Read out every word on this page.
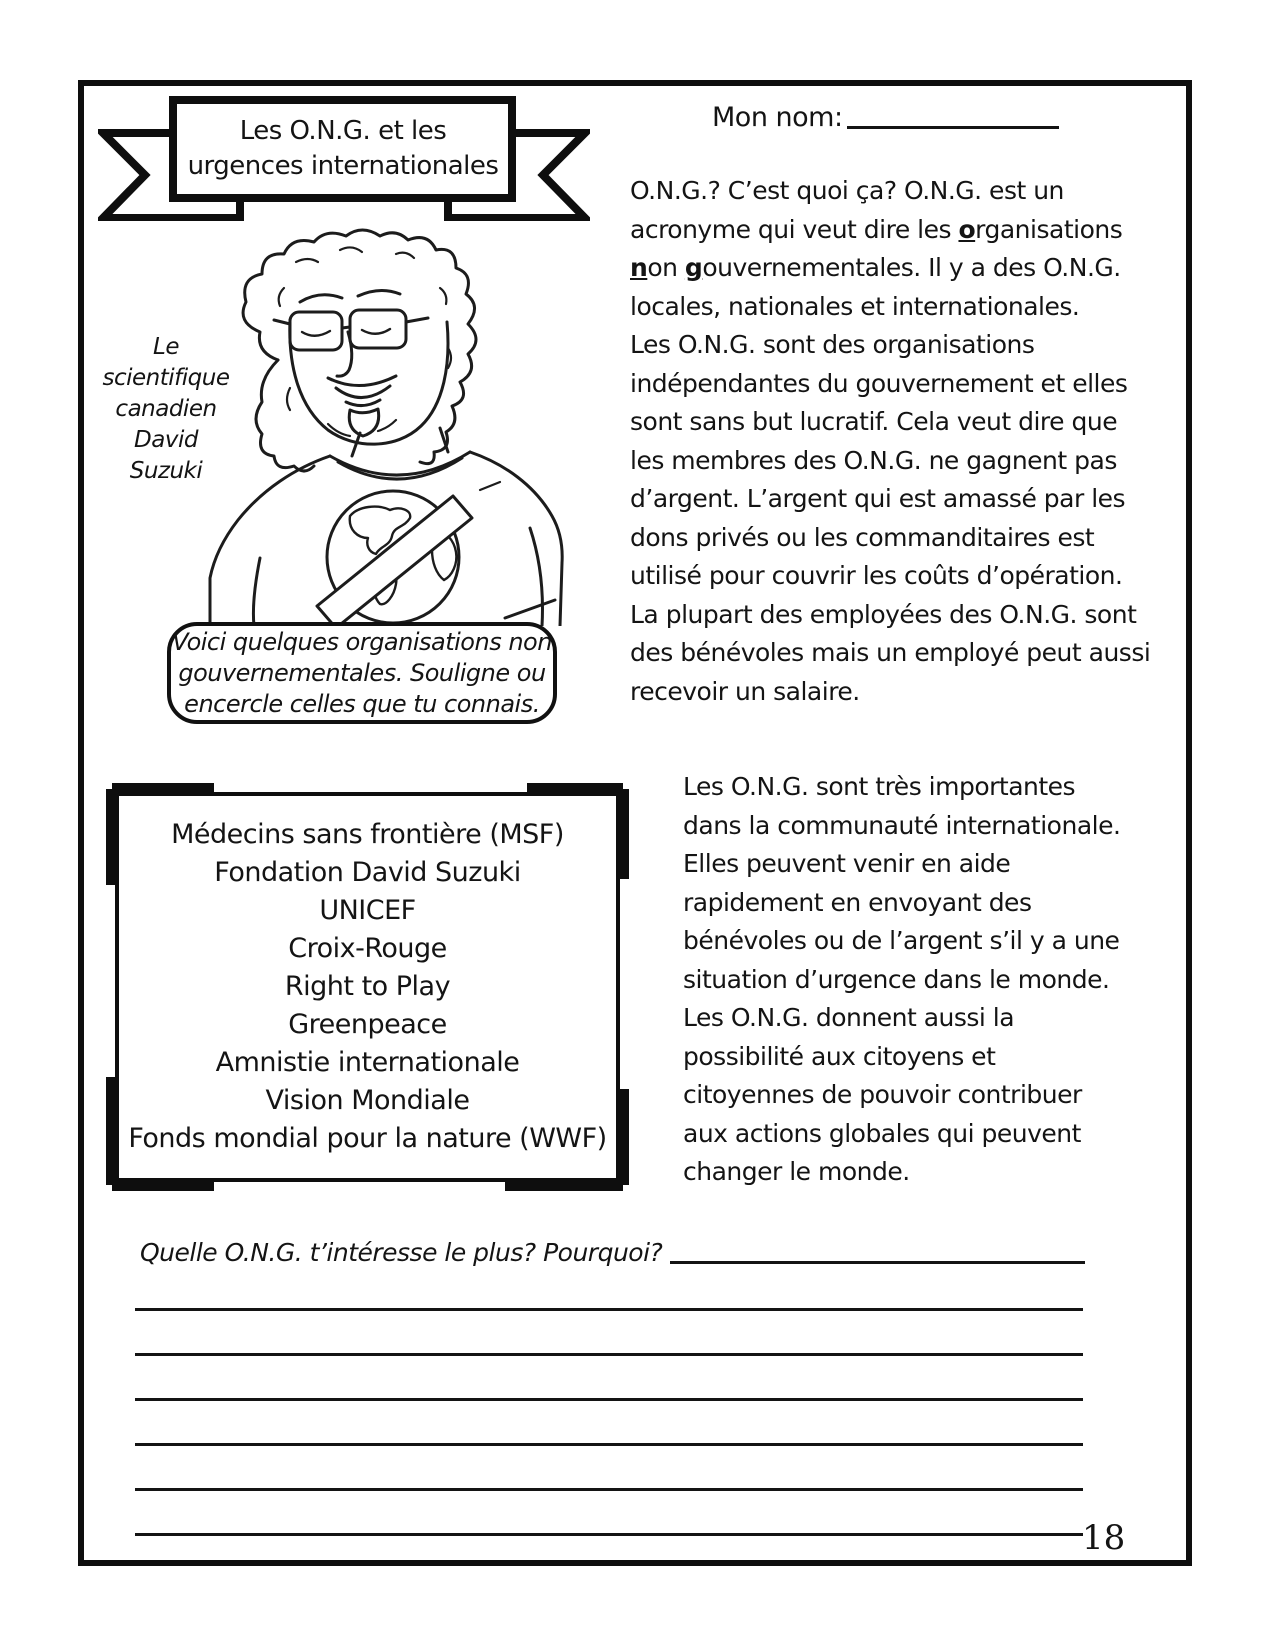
Les O.N.G. et les
urgences internationales
Mon nom:
Le
scientifique
canadien
David
Suzuki
Voici quelques organisations non
gouvernementales. Souligne ou
encercle celles que tu connais.
Médecins sans frontière (MSF)
Fondation David Suzuki
UNICEF
Croix-Rouge
Right to Play
Greenpeace
Amnistie internationale
Vision Mondiale
Fonds mondial pour la nature (WWF)
O.N.G.? C’est quoi ça? O.N.G. est un
acronyme qui veut dire les organisations
non gouvernementales. Il y a des O.N.G.
locales, nationales et internationales.
Les O.N.G. sont des organisations
indépendantes du gouvernement et elles
sont sans but lucratif. Cela veut dire que
les membres des O.N.G. ne gagnent pas
d’argent. L’argent qui est amassé par les
dons privés ou les commanditaires est
utilisé pour couvrir les coûts d’opération.
La plupart des employées des O.N.G. sont
des bénévoles mais un employé peut aussi
recevoir un salaire.
Les O.N.G. sont très importantes
dans la communauté internationale.
Elles peuvent venir en aide
rapidement en envoyant des
bénévoles ou de l’argent s’il y a une
situation d’urgence dans le monde.
Les O.N.G. donnent aussi la
possibilité aux citoyens et
citoyennes de pouvoir contribuer
aux actions globales qui peuvent
changer le monde.
Quelle O.N.G. t’intéresse le plus? Pourquoi?
18
